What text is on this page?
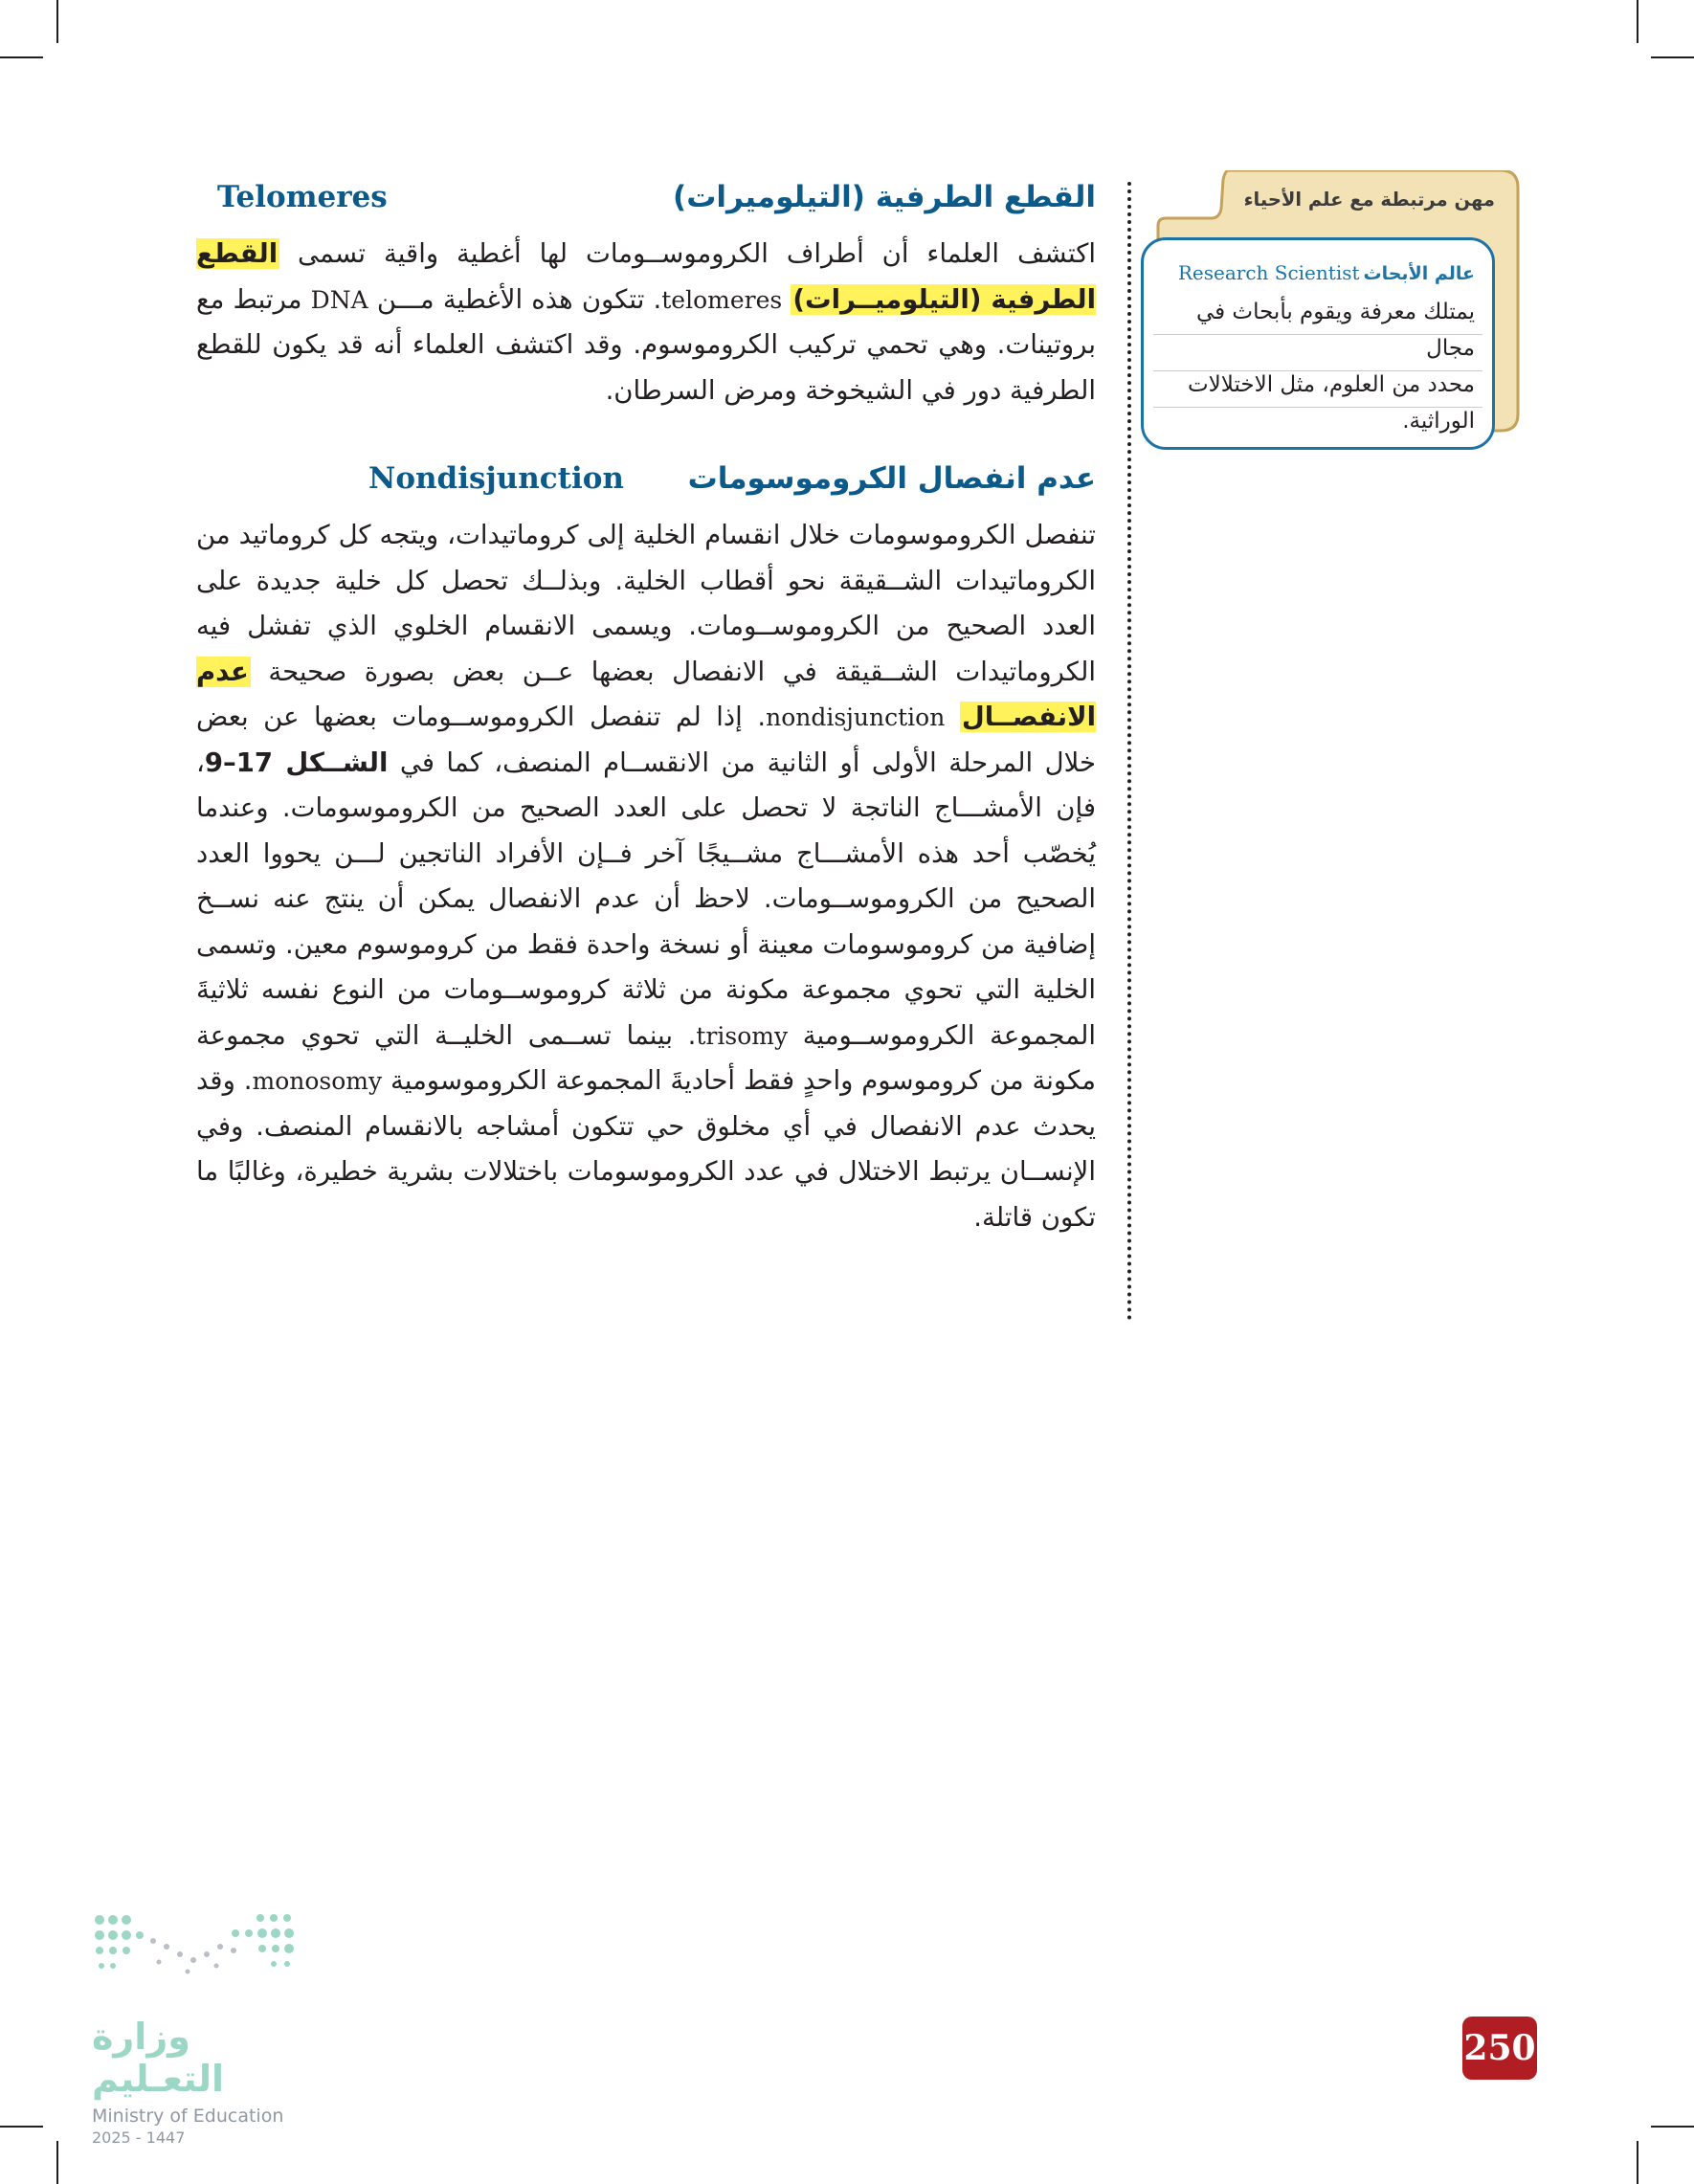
مهن مرتبطة مع علم الأحياء
عالم الأبحاث
Research Scientist
يمتلك معرفة ويقوم بأبحاث في مجال
محدد من العلوم، مثل الاختلالات
الوراثية.
القطع الطرفية (التيلوميرات)
Telomeres

اكتشف العلماء أن أطراف الكروموســومات لها أغطية واقية تسمى القطع الطرفية (التيلوميــرات) telomeres. تتكون هذه الأغطية مـــن DNA مرتبط مع بروتينات. وهي تحمي تركيب الكروموسوم. وقد اكتشف العلماء أنه قد يكون للقطع الطرفية دور في الشيخوخة ومرض السرطان.

عدم انفصال الكروموسومات
Nondisjunction

تنفصل الكروموسومات خلال انقسام الخلية إلى كروماتيدات، ويتجه كل كروماتيد من الكروماتيدات الشــقيقة نحو أقطاب الخلية. وبذلــك تحصل كل خلية جديدة على العدد الصحيح من الكروموســومات. ويسمى الانقسام الخلوي الذي تفشل فيه الكروماتيدات الشــقيقة في الانفصال بعضها عــن بعض بصورة صحيحة عدم الانفصــال nondisjunction. إذا لم تنفصل الكروموســومات بعضها عن بعض خلال المرحلة الأولى أو الثانية من الانقســام المنصف، كما في الشــكل 17–9، فإن الأمشـــاج الناتجة لا تحصل على العدد الصحيح من الكروموسومات. وعندما يُخصّب أحد هذه الأمشـــاج مشــيجًا آخر فــإن الأفراد الناتجين لـــن يحووا العدد الصحيح من الكروموســومات. لاحظ أن عدم الانفصال يمكن أن ينتج عنه نســخ إضافية من كروموسومات معينة أو نسخة واحدة فقط من كروموسوم معين. وتسمى الخلية التي تحوي مجموعة مكونة من ثلاثة كروموســومات من النوع نفسه ثلاثيةَ المجموعة الكروموســومية trisomy. بينما تســمى الخليــة التي تحوي مجموعة مكونة من كروموسوم واحدٍ فقط أحاديةَ المجموعة الكروموسومية monosomy. وقد يحدث عدم الانفصال في أي مخلوق حي تتكون أمشاجه بالانقسام المنصف. وفي الإنســان يرتبط الاختلال في عدد الكروموسومات باختلالات بشرية خطيرة، وغالبًا ما تكون قاتلة.

وزارة التعـليم
Ministry of Education
2025 - 1447
250
